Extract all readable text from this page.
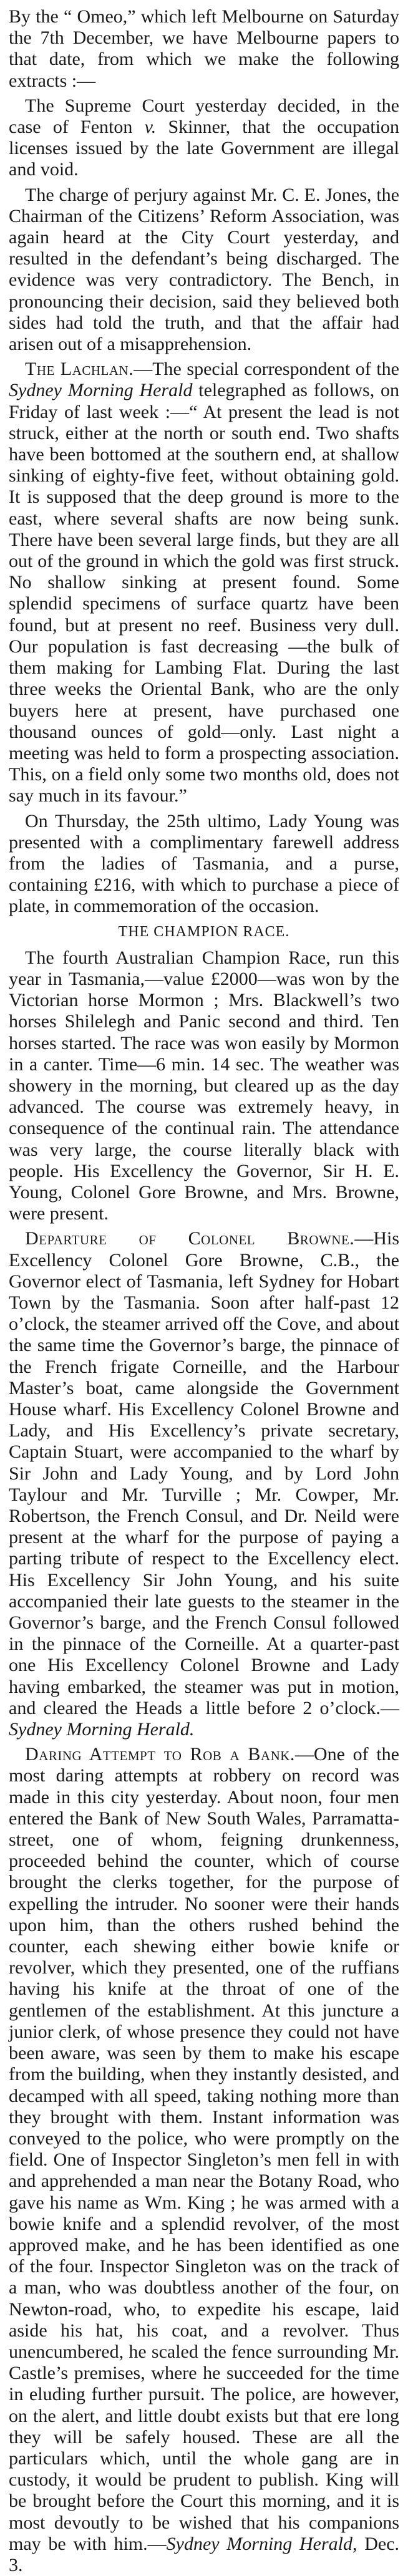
By the “ Omeo,” which left Melbourne on Saturday the 7th December, we have Melbourne papers to that date, from which we make the following extracts :—

The Supreme Court yesterday decided, in the case of Fenton v. Skinner, that the occupation licenses issued by the late Government are illegal and void.

The charge of perjury against Mr. C. E. Jones, the Chairman of the Citizens’ Reform Association, was again heard at the City Court yesterday, and resulted in the defendant’s being discharged. The evidence was very contradictory. The Bench, in pronouncing their decision, said they believed both sides had told the truth, and that the affair had arisen out of a misapprehension.

The Lachlan.—The special correspondent of the Sydney Morning Herald telegraphed as follows, on Friday of last week :—“ At present the lead is not struck, either at the north or south end. Two shafts have been bottomed at the southern end, at shallow sinking of eighty-five feet, without obtaining gold. It is supposed that the deep ground is more to the east, where several shafts are now being sunk. There have been several large finds, but they are all out of the ground in which the gold was first struck. No shallow sinking at present found. Some splendid specimens of surface quartz have been found, but at present no reef. Business very dull. Our population is fast decreasing —the bulk of them making for Lambing Flat. During the last three weeks the Oriental Bank, who are the only buyers here at present, have purchased one thousand ounces of gold—only. Last night a meeting was held to form a prospecting association. This, on a field only some two months old, does not say much in its favour.”

On Thursday, the 25th ultimo, Lady Young was presented with a complimentary farewell address from the ladies of Tasmania, and a purse, containing £216, with which to purchase a piece of plate, in commemoration of the occasion.

THE CHAMPION RACE.

The fourth Australian Champion Race, run this year in Tasmania,—value £2000—was won by the Victorian horse Mormon ; Mrs. Blackwell’s two horses Shilelegh and Panic second and third. Ten horses started. The race was won easily by Mormon in a canter. Time—6 min. 14 sec. The weather was showery in the morning, but cleared up as the day advanced. The course was extremely heavy, in consequence of the continual rain. The attendance was very large, the course literally black with people. His Excellency the Governor, Sir H. E. Young, Colonel Gore Browne, and Mrs. Browne, were present.

Departure of Colonel Browne.—His Excellency Colonel Gore Browne, C.B., the Governor elect of Tasmania, left Sydney for Hobart Town by the Tasmania. Soon after half-past 12 o’clock, the steamer arrived off the Cove, and about the same time the Governor’s barge, the pinnace of the French frigate Corneille, and the Harbour Master’s boat, came alongside the Government House wharf. His Excellency Colonel Browne and Lady, and His Excellency’s private secretary, Captain Stuart, were accompanied to the wharf by Sir John and Lady Young, and by Lord John Taylour and Mr. Turville ; Mr. Cowper, Mr. Robertson, the French Consul, and Dr. Neild were present at the wharf for the purpose of paying a parting tribute of respect to the Excellency elect. His Excellency Sir John Young, and his suite accompanied their late guests to the steamer in the Governor’s barge, and the French Consul followed in the pinnace of the Corneille. At a quarter-past one His Excellency Colonel Browne and Lady having embarked, the steamer was put in motion, and cleared the Heads a little before 2 o’clock.—Sydney Morning Herald.

Daring Attempt to Rob a Bank.—One of the most daring attempts at robbery on record was made in this city yesterday. About noon, four men entered the Bank of New South Wales, Parramatta-street, one of whom, feigning drunkenness, proceeded behind the counter, which of course brought the clerks together, for the purpose of expelling the intruder. No sooner were their hands upon him, than the others rushed behind the counter, each shewing either bowie knife or revolver, which they presented, one of the ruffians having his knife at the throat of one of the gentlemen of the establishment. At this juncture a junior clerk, of whose presence they could not have been aware, was seen by them to make his escape from the building, when they instantly desisted, and decamped with all speed, taking nothing more than they brought with them. Instant information was conveyed to the police, who were promptly on the field. One of Inspector Singleton’s men fell in with and apprehended a man near the Botany Road, who gave his name as Wm. King ; he was armed with a bowie knife and a splendid revolver, of the most approved make, and he has been identified as one of the four. Inspector Singleton was on the track of a man, who was doubtless another of the four, on Newton-road, who, to expedite his escape, laid aside his hat, his coat, and a revolver. Thus unencumbered, he scaled the fence surrounding Mr. Castle’s premises, where he succeeded for the time in eluding further pursuit. The police, are however, on the alert, and little doubt exists but that ere long they will be safely housed. These are all the particulars which, until the whole gang are in custody, it would be prudent to publish. King will be brought before the Court this morning, and it is most devoutly to be wished that his companions may be with him.—Sydney Morning Herald, Dec. 3.
